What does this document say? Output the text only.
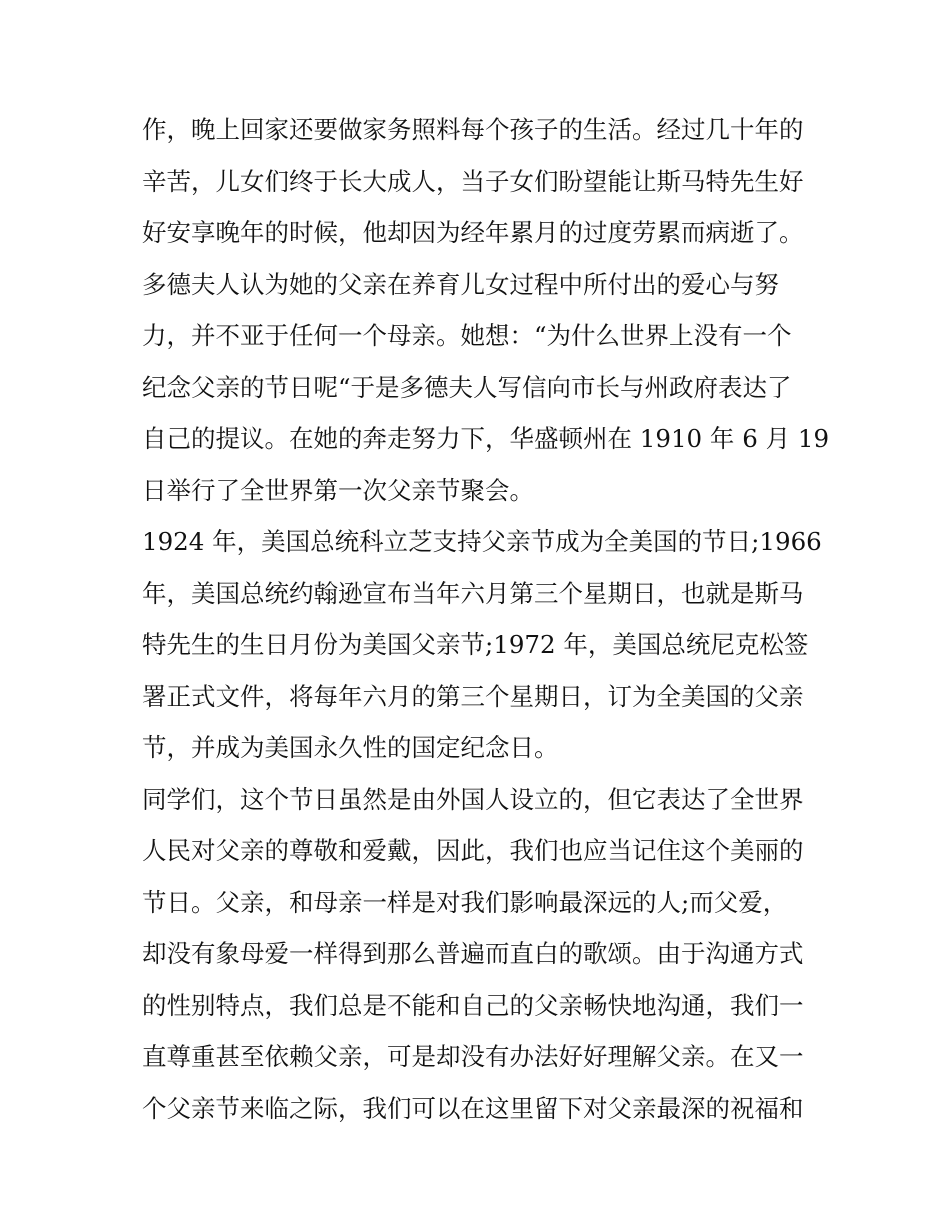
作，晚上回家还要做家务照料每个孩子的生活。经过几十年的
辛苦，儿女们终于长大成人，当子女们盼望能让斯马特先生好
好安享晚年的时候，他却因为经年累月的过度劳累而病逝了。
多德夫人认为她的父亲在养育儿女过程中所付出的爱心与努
力，并不亚于任何一个母亲。她想：“为什么世界上没有一个
纪念父亲的节日呢“于是多德夫人写信向市长与州政府表达了
自己的提议。在她的奔走努力下，华盛顿州在 1910 年 6 月 19
日举行了全世界第一次父亲节聚会。
1924 年，美国总统科立芝支持父亲节成为全美国的节日;1966
年，美国总统约翰逊宣布当年六月第三个星期日，也就是斯马
特先生的生日月份为美国父亲节;1972 年，美国总统尼克松签
署正式文件，将每年六月的第三个星期日，订为全美国的父亲
节，并成为美国永久性的国定纪念日。
同学们，这个节日虽然是由外国人设立的，但它表达了全世界
人民对父亲的尊敬和爱戴，因此，我们也应当记住这个美丽的
节日。父亲，和母亲一样是对我们影响最深远的人;而父爱，
却没有象母爱一样得到那么普遍而直白的歌颂。由于沟通方式
的性别特点，我们总是不能和自己的父亲畅快地沟通，我们一
直尊重甚至依赖父亲，可是却没有办法好好理解父亲。在又一
个父亲节来临之际，我们可以在这里留下对父亲最深的祝福和
